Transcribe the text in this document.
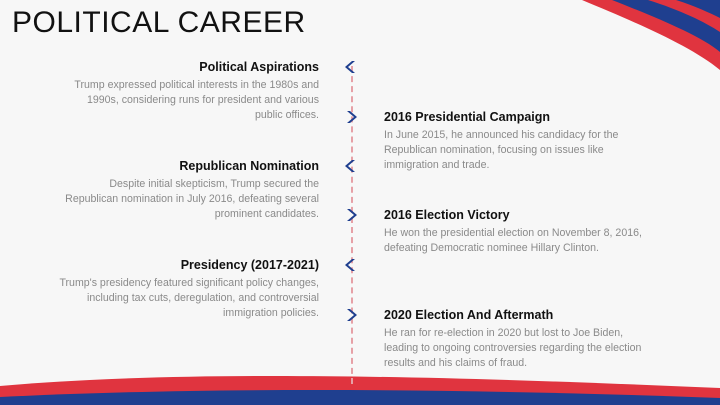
POLITICAL CAREER
Political Aspirations

Trump expressed political interests in the 1980s and 1990s, considering runs for president and various public offices.	2016 Presidential Campaign

In June 2015, he announced his candidacy for the Republican nomination, focusing on issues like immigration and trade.

Republican Nomination

Despite initial skepticism, Trump secured the Republican nomination in July 2016, defeating several prominent candidates.	2016 Election Victory

He won the presidential election on November 8, 2016, defeating Democratic nominee Hillary Clinton.

Presidency (2017-2021)

Trump's presidency featured significant policy changes, including tax cuts, deregulation, and controversial immigration policies.	2020 Election And Aftermath

He ran for re-election in 2020 but lost to Joe Biden, leading to ongoing controversies regarding the election results and his claims of fraud.
